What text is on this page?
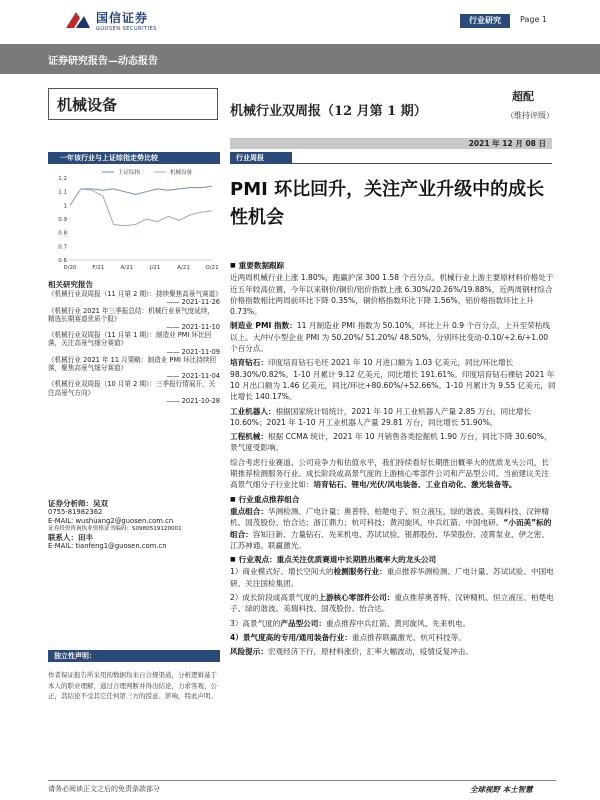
国信证券
GUOSEN SECURITIES
行业研究	Page 1
证券研究报告—动态报告
机械设备	机械行业双周报（12 月第 1 期）
超配
（维持评级）
2021 年 12 月 08 日
一年该行业与上证综指走势比较	行业周报
1.2
1.1
1
0.9
0.8
0.7
0.6
D/20	F/21	A/21	J/21	A/21	O/21
上证综指	机械设备
PMI 环比回升，关注产业升级中的成长性机会
相关研究报告
《机械行业双周报（11 月第 2 期）：持续聚焦高景气赛道》
—— 2021-11-26
《机械行业 2021 年三季报总结：机械行业景气度延续，精选长期赛道优质个股》
—— 2021-11-10
《机械行业双周报（11 月第 1 期）：制造业 PMI 环比回落，关注高景气细分赛道》
—— 2021-11-09
《机械行业 2021 年 11 月策略：制造业 PMI 环比持续回落，聚焦高景气细分赛道》
—— 2021-11-04
《机械行业双周报（10 月第 2 期）：三季报行情展开，关注高景气方向》
—— 2021-10-28
证券分析师：吴双
0755-81982362
E-MAIL: wushuang2@guosen.com.cn
证券投资咨询执业资格证书编码：S0980519120001
联系人：田丰
E-MAIL: tianfeng1@guosen.com.cn
独立性声明：
作者保证报告所采用的数据均来自合规渠道，分析逻辑基于本人的职业理解，通过合理判断并得出结论，力求客观、公正，其结论不受其它任何第三方的授意、影响，特此声明。
■ 重要数据跟踪

近两周机械行业上涨 1.80%，跑赢沪深 300 1.58 个百分点。机械行业上游主要原材料价格处于近五年较高位置，今年以来钢价/铜价/铝价指数上涨 6.30%/20.26%/19.88%，近两周钢材综合价格指数相比两周前环比下降 0.35%，铜价格指数环比下降 1.56%，铝价格指数环比上升 0.73%。

制造业 PMI 指数：11 月制造业 PMI 指数为 50.10%，环比上升 0.9 个百分点，上升至荣枯线以上。大/中/小型企业 PMI 为 50.20%/ 51.20%/ 48.50%，分别环比变动-0.10/+2.6/+1.00 个百分点。

培育钻石：印度培育钻石毛坯 2021 年 10 月进口额为 1.03 亿美元，同比/环比增长 98.30%/0.82%。1-10 月累计 9.12 亿美元，同比增长 191.61%。印度培育钻石裸钻 2021 年 10 月出口额为 1.46 亿美元，同比/环比+80.60%/+52.66%。1-10 月累计为 9.55 亿美元，同比增长 140.17%。

工业机器人：根据国家统计局统计，2021 年 10 月工业机器人产量 2.85 万台，同比增长 10.60%；2021 年 1-10 月工业机器人产量 29.81 万台，同比增长 51.90%。

工程机械：根据 CCMA 统计，2021 年 10 月销售各类挖掘机 1.90 万台，同比下降 30.60%，景气度受影响。

综合考虑行业赛道、公司竞争力和估值水平，我们持续看好长期胜出概率大的优质龙头公司，长期推荐检测服务行业、成长阶段或高景气度的上游核心零部件公司和产品型公司。当前建议关注高景气细分子行业比如：培育钻石、锂电/光伏/风电装备、工业自动化、激光装备等。

■ 行业重点推荐组合

重点组合：华测检测、广电计量；奥普特、柏楚电子、恒立液压、绿的谐波、美瑞科技、汉钟精机、国茂股份、怡合达；浙江鼎力；杭可科技；黄河旋风，中兵红箭、中国电研。“小而美”标的组合：容知日新、力量钻石、先来机电、苏试试验、银都股份、华荣股份、凌霄泵业、伊之密、江苏神通、联赢激光。

■ 行业观点：重点关注优质赛道中长期胜出概率大的龙头公司

1）商业模式好、增长空间大的检测服务行业：重点推荐华测检测、广电计量、苏试试验、中国电研、关注国检集团。

2）成长阶段或高景气度的上游核心零部件公司：重点推荐奥普特、汉钟精机、恒立液压、柏楚电子、绿的谐波、美瑞科技、国茂股份、怡合达。

3）高景气度的产品型公司：重点推荐中兵红箭、黄河旋风、先来机电。

4）景气度高的专用/通用装备行业：重点推荐联赢激光、杭可科技等。

风险提示：宏观经济下行，原材料涨价，汇率大幅波动，疫情反复冲击。

请务必阅读正文之后的免责条款部分	全球视野 本土智慧
